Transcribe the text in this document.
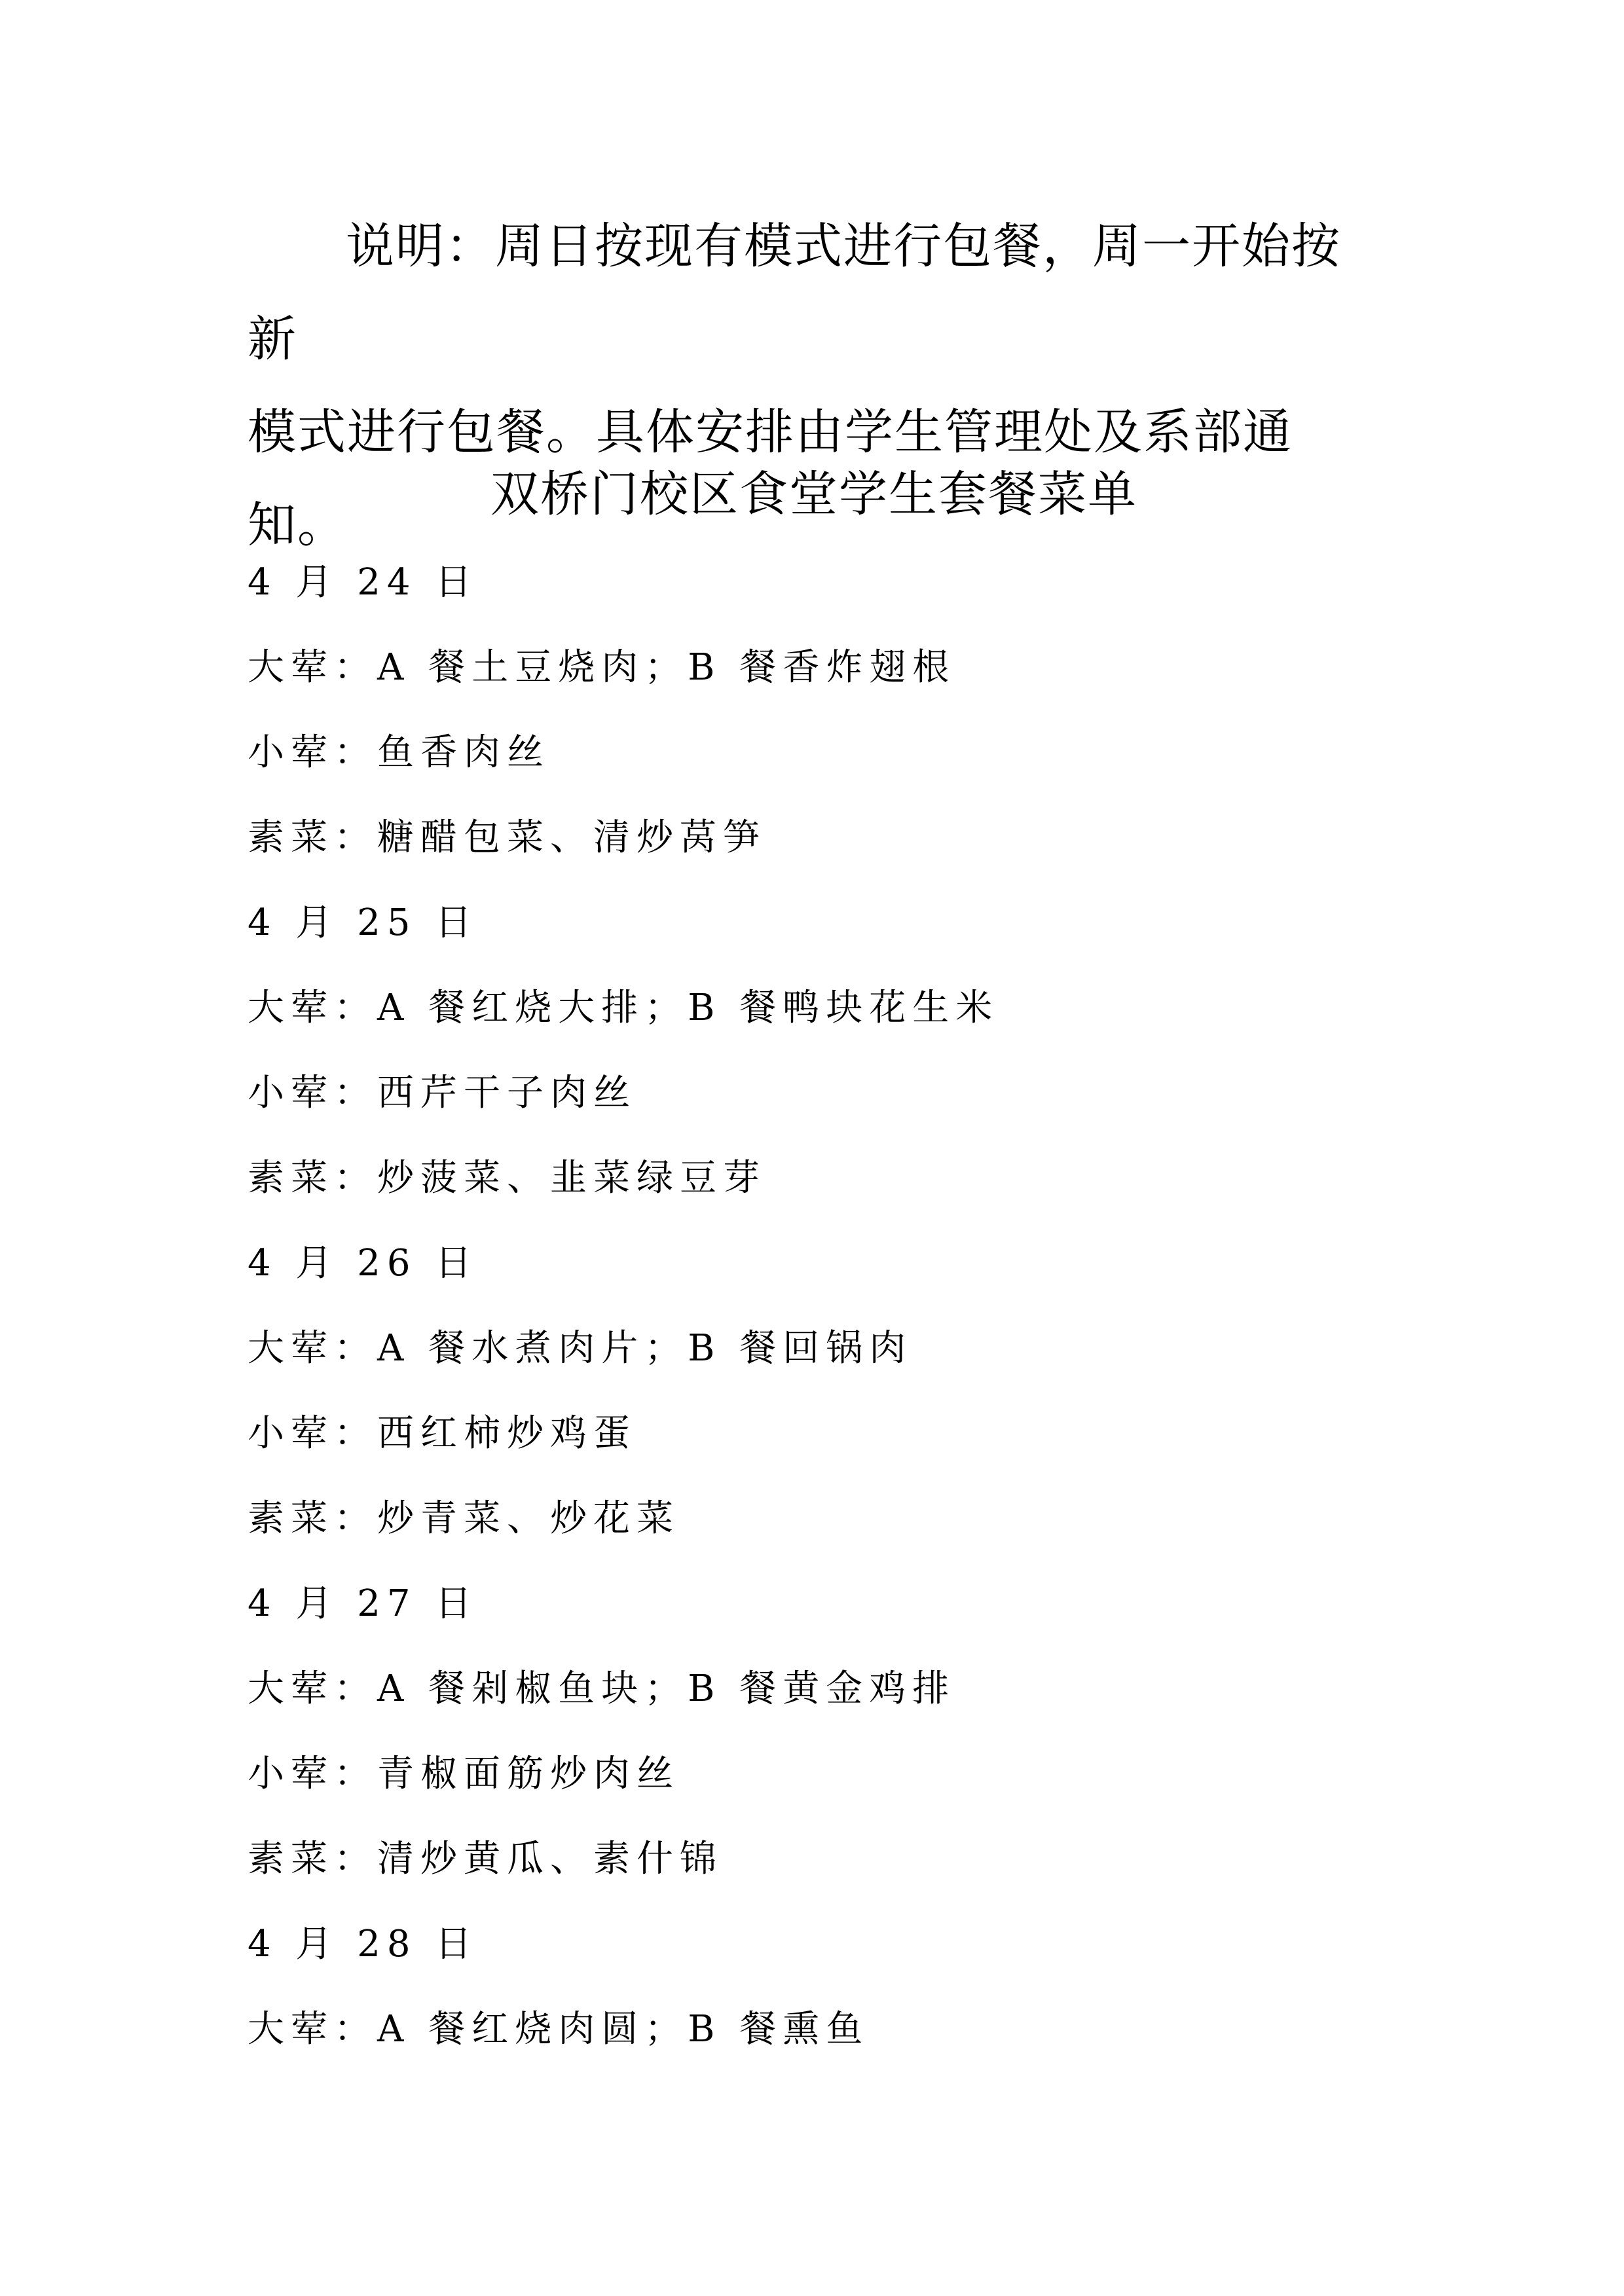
说明：周日按现有模式进行包餐，周一开始按新
模式进行包餐。具体安排由学生管理处及系部通知。
双桥门校区食堂学生套餐菜单
4 月 24 日
大荤：A 餐土豆烧肉；B 餐香炸翅根
小荤：鱼香肉丝
素菜：糖醋包菜、清炒莴笋
4 月 25 日
大荤：A 餐红烧大排；B 餐鸭块花生米
小荤：西芹干子肉丝
素菜：炒菠菜、韭菜绿豆芽
4 月 26 日
大荤：A 餐水煮肉片；B 餐回锅肉
小荤：西红柿炒鸡蛋
素菜：炒青菜、炒花菜
4 月 27 日
大荤：A 餐剁椒鱼块；B 餐黄金鸡排
小荤：青椒面筋炒肉丝
素菜：清炒黄瓜、素什锦
4 月 28 日
大荤：A 餐红烧肉圆；B 餐熏鱼
